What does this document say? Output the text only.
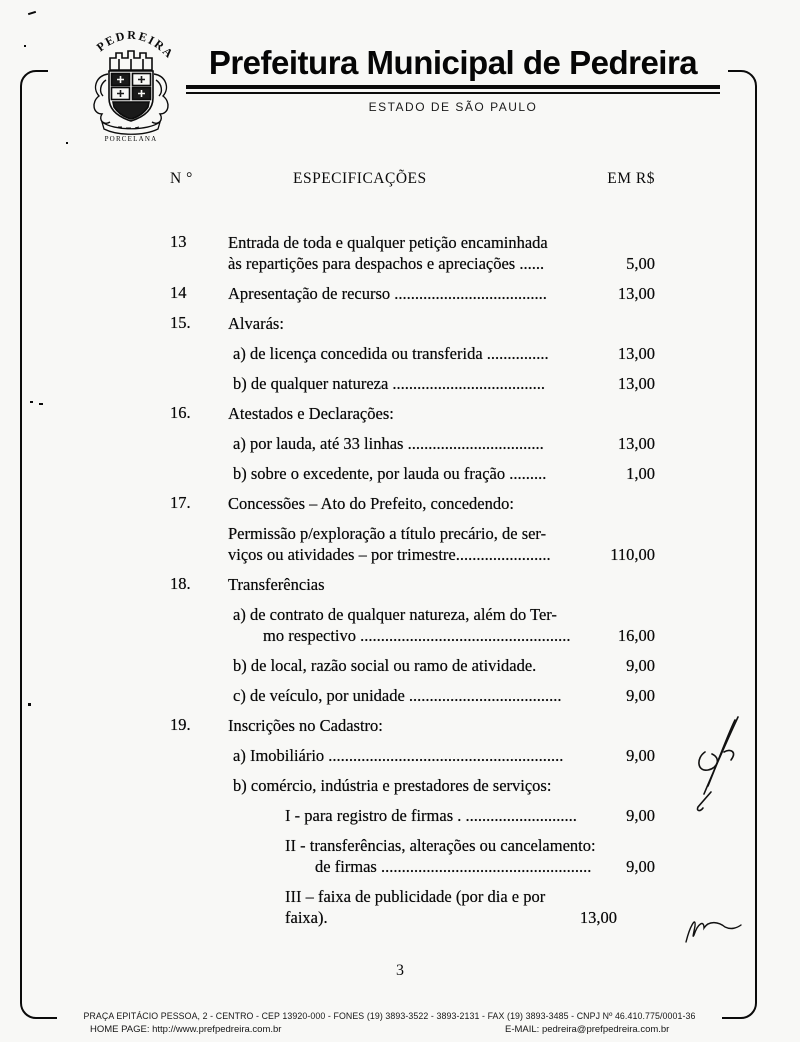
PEDREIRA
PORCELANA
Prefeitura Municipal de Pedreira
ESTADO DE SÃO PAULO
N °	ESPECIFICAÇÕES	EM R$
13	Entrada de toda e qualquer petição encaminhada
às repartições para despachos e apreciações ......	5,00
14	Apresentação de recurso .....................................	13,00
15.	Alvarás:
a) de licença concedida ou transferida ...............	13,00
b) de qualquer natureza .....................................	13,00
16.	Atestados e Declarações:
a) por lauda, até 33 linhas .................................	13,00
b) sobre o excedente, por lauda ou fração .........	1,00
17.	Concessões – Ato do Prefeito, concedendo:
Permissão p/exploração a título precário, de ser-
viços ou atividades – por trimestre.......................	110,00
18.	Transferências
a) de contrato de qualquer natureza, além do Ter-
mo respectivo ...................................................	16,00
b) de local, razão social ou ramo de atividade.	9,00
c) de veículo, por unidade .....................................	9,00
19.	Inscrições no Cadastro:
a) Imobiliário .........................................................	9,00
b) comércio, indústria e prestadores de serviços:
I - para registro de firmas . ...........................	9,00
II - transferências, alterações ou cancelamento:
de firmas ...................................................	9,00
III – faixa de publicidade (por dia e por faixa).	13,00
3
PRAÇA EPITÁCIO PESSOA, 2 - CENTRO - CEP 13920-000 - FONES (19) 3893-3522 - 3893-2131 - FAX (19) 3893-3485 - CNPJ Nº 46.410.775/0001-36
HOME PAGE: http://www.prefpedreira.com.br	E-MAIL: pedreira@prefpedreira.com.br
